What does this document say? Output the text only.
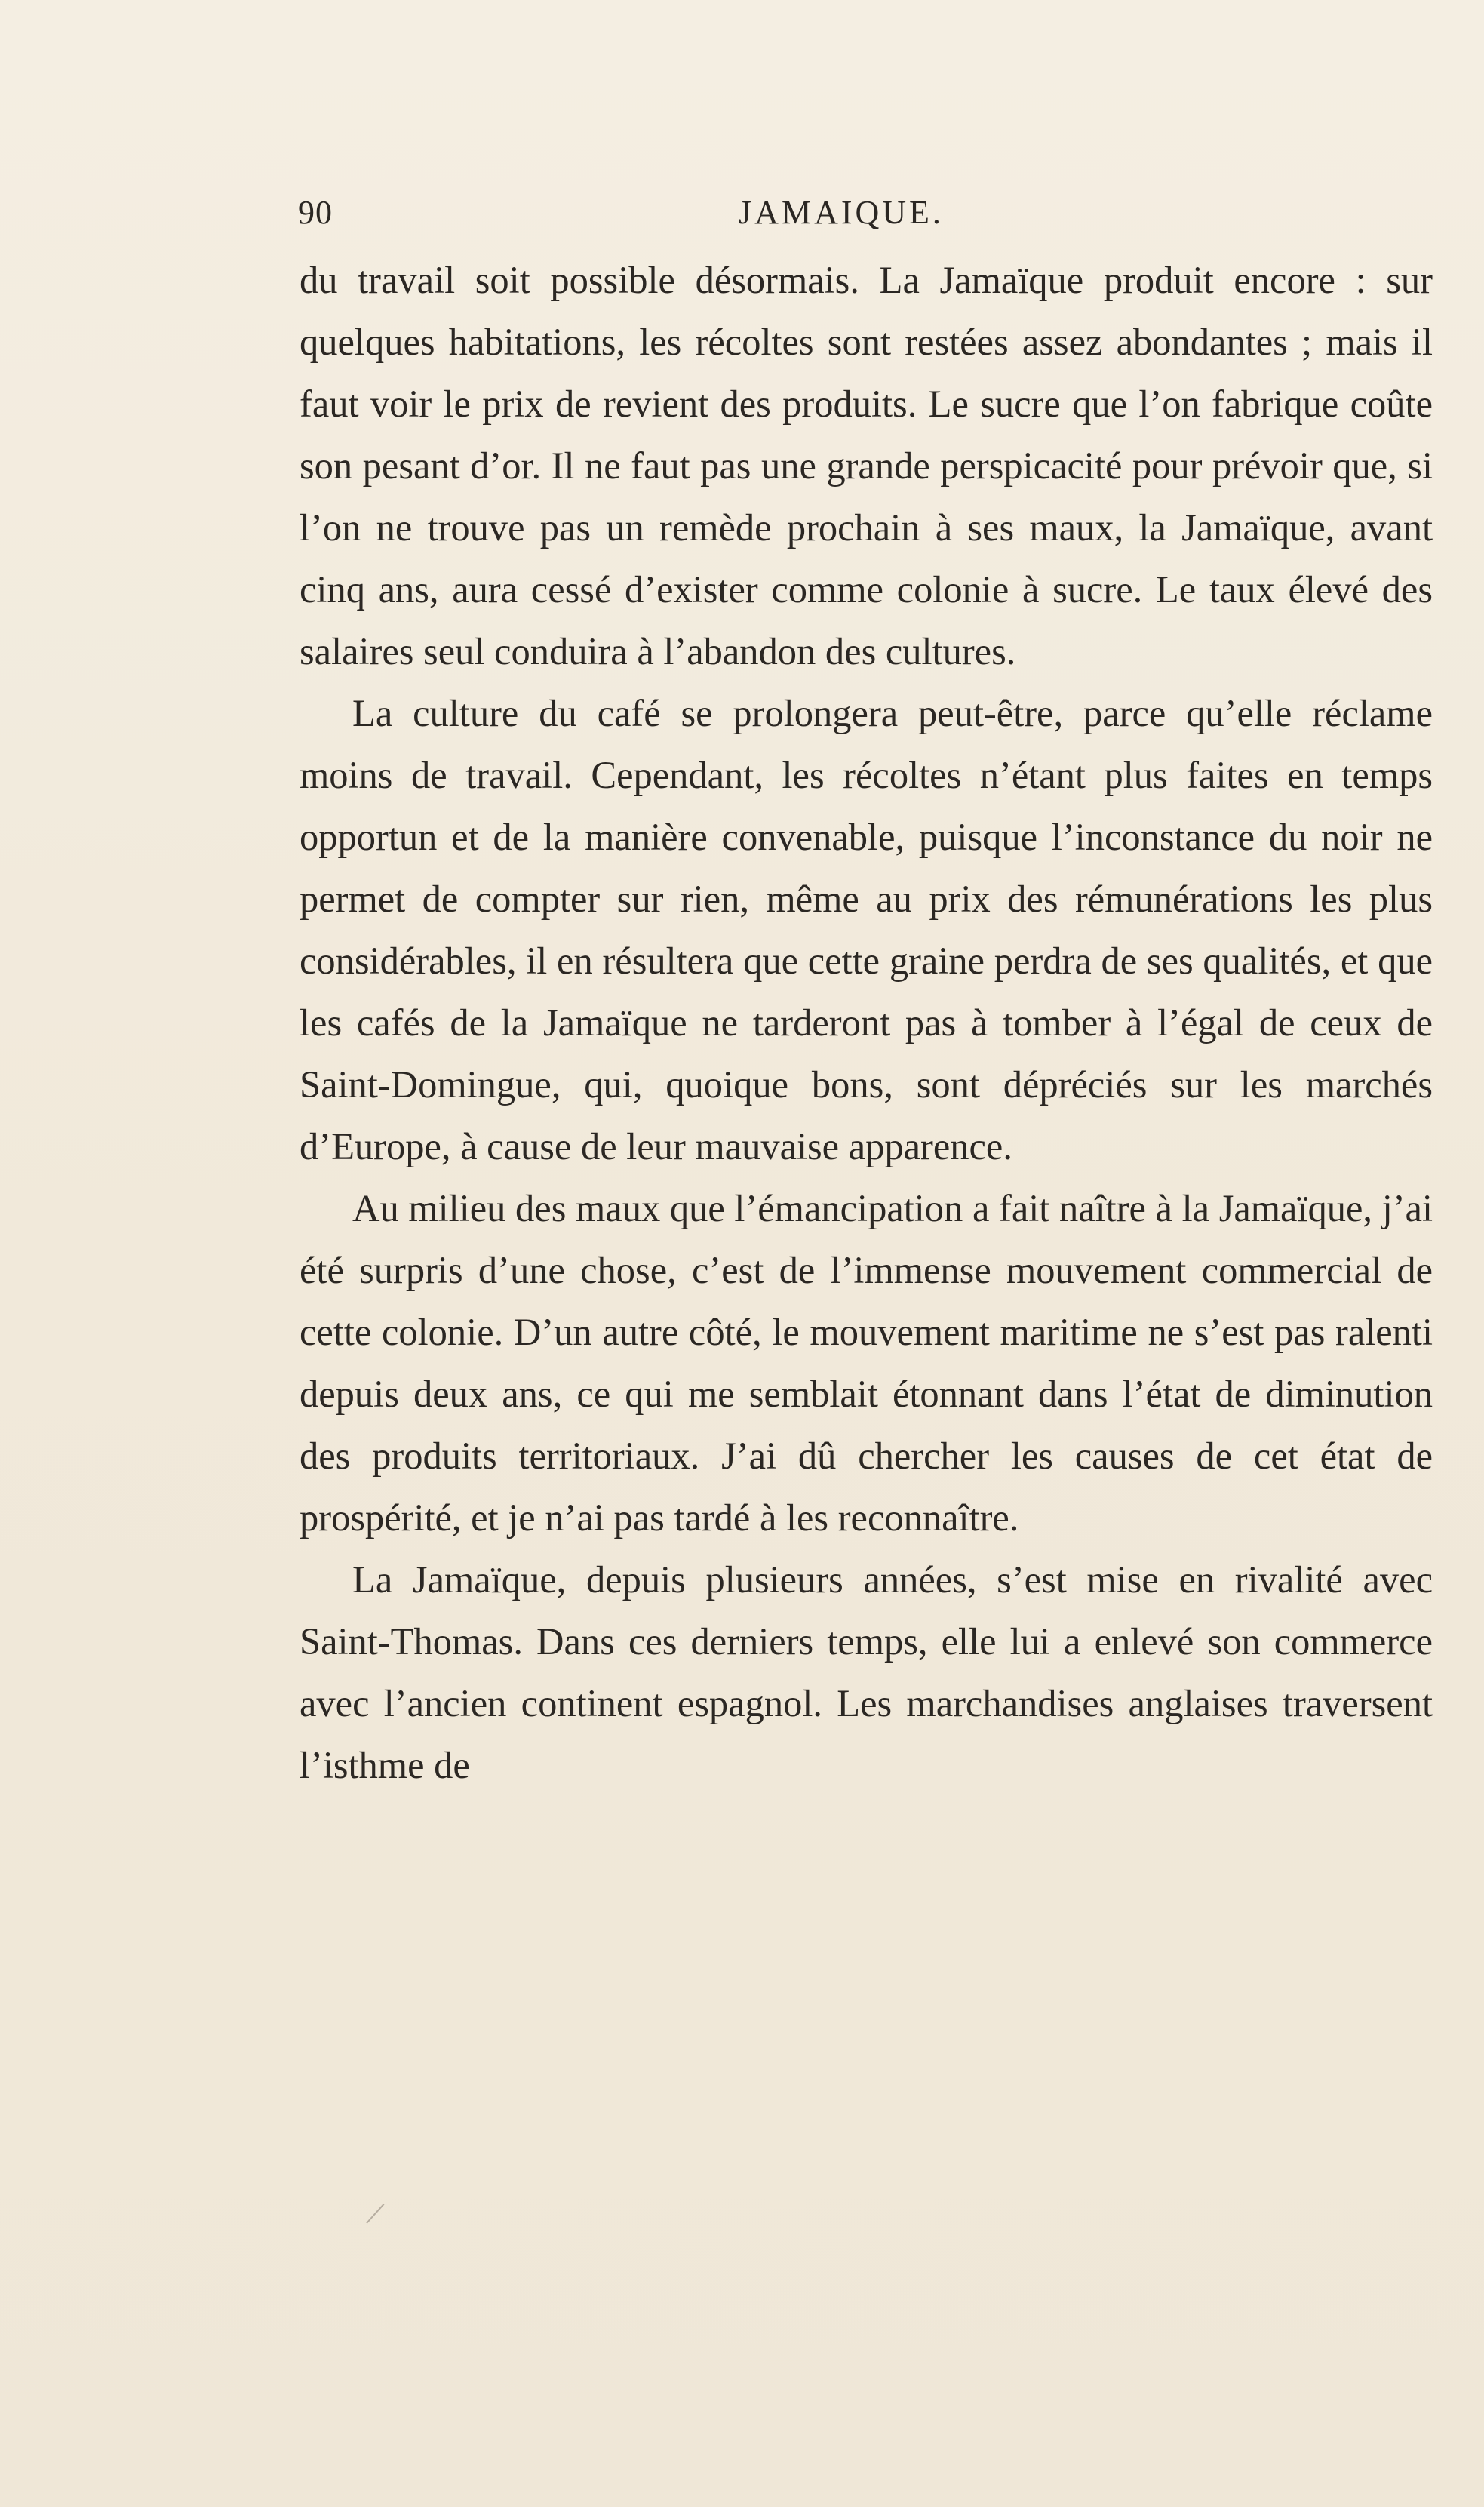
90	JAMAIQUE.

du travail soit possible désormais. La Jamaïque produit encore : sur quelques habitations, les récoltes sont restées assez abondantes ; mais il faut voir le prix de revient des produits. Le sucre que l’on fabrique coûte son pesant d’or. Il ne faut pas une grande perspicacité pour prévoir que, si l’on ne trouve pas un remède prochain à ses maux, la Jamaïque, avant cinq ans, aura cessé d’exister comme colonie à sucre. Le taux élevé des salaires seul conduira à l’abandon des cultures.

La culture du café se prolongera peut-être, parce qu’elle réclame moins de travail. Cependant, les récoltes n’étant plus faites en temps opportun et de la manière convenable, puisque l’inconstance du noir ne permet de compter sur rien, même au prix des rémunérations les plus considérables, il en résultera que cette graine perdra de ses qualités, et que les cafés de la Jamaïque ne tarderont pas à tomber à l’égal de ceux de Saint-Domingue, qui, quoique bons, sont dépréciés sur les marchés d’Europe, à cause de leur mauvaise apparence.

Au milieu des maux que l’émancipation a fait naître à la Jamaïque, j’ai été surpris d’une chose, c’est de l’immense mouvement commercial de cette colonie. D’un autre côté, le mouvement maritime ne s’est pas ralenti depuis deux ans, ce qui me semblait étonnant dans l’état de diminution des produits territoriaux. J’ai dû chercher les causes de cet état de prospérité, et je n’ai pas tardé à les reconnaître.

La Jamaïque, depuis plusieurs années, s’est mise en rivalité avec Saint-Thomas. Dans ces derniers temps, elle lui a enlevé son commerce avec l’ancien continent espagnol. Les marchandises anglaises traversent l’isthme de
